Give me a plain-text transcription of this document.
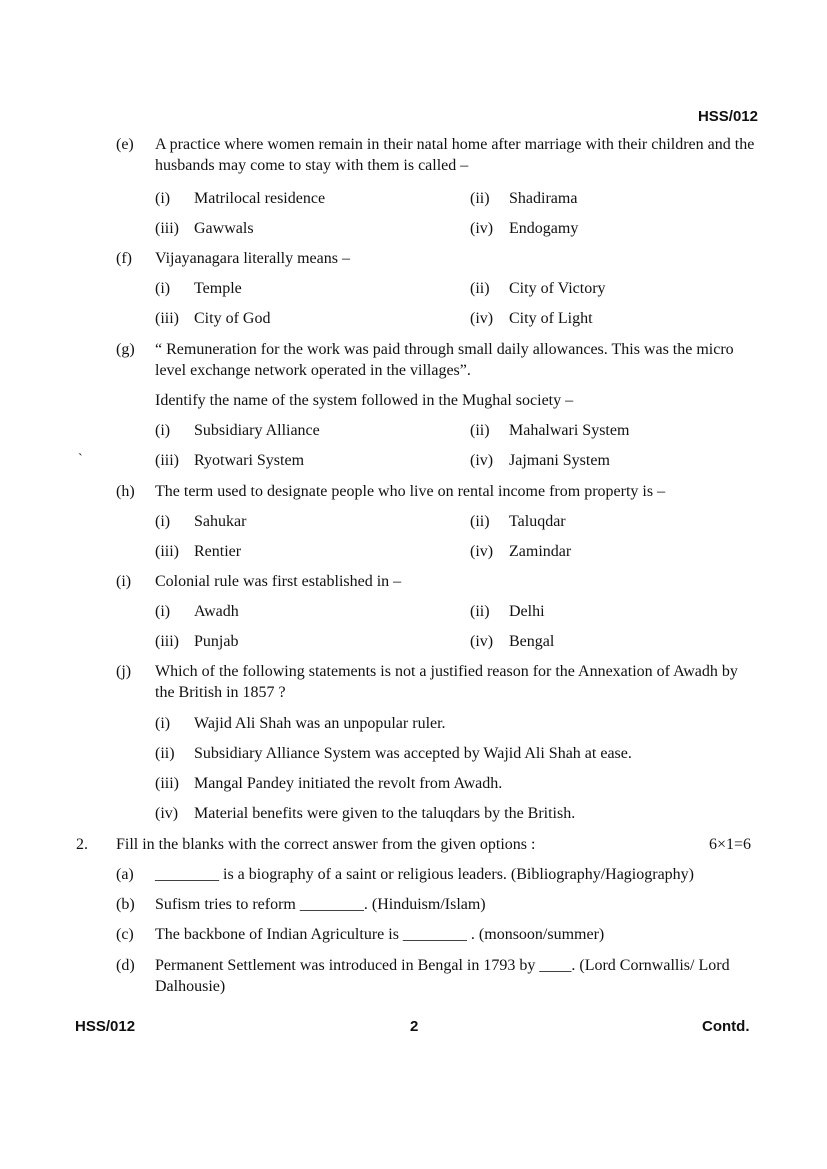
HSS/012
(e) A practice where women remain in their natal home after marriage with their children and the husbands may come to stay with them is called –
(i) Matrilocal residence	(ii) Shadirama
(iii) Gawwals	(iv) Endogamy
(f) Vijayanagara literally means –
(i) Temple	(ii) City of Victory
(iii) City of God	(iv) City of Light
(g) “ Remuneration for the work was paid through small daily allowances. This was the micro level exchange network operated in the villages”.
Identify the name of the system followed in the Mughal society –
(i) Subsidiary Alliance	(ii) Mahalwari System
`	(iii) Ryotwari System	(iv) Jajmani System
(h) The term used to designate people who live on rental income from property is –
(i) Sahukar	(ii) Taluqdar
(iii) Rentier	(iv) Zamindar
(i) Colonial rule was first established in –
(i) Awadh	(ii) Delhi
(iii) Punjab	(iv) Bengal
(j) Which of the following statements is not a justified reason for the Annexation of Awadh by the British in 1857 ?
(i) Wajid Ali Shah was an unpopular ruler.
(ii) Subsidiary Alliance System was accepted by Wajid Ali Shah at ease.
(iii) Mangal Pandey initiated the revolt from Awadh.
(iv) Material benefits were given to the taluqdars by the British.
2. Fill in the blanks with the correct answer from the given options :	6×1=6
(a) ________ is a biography of a saint or religious leaders. (Bibliography/Hagiography)
(b) Sufism tries to reform ________. (Hinduism/Islam)
(c) The backbone of Indian Agriculture is ________ . (monsoon/summer)
(d) Permanent Settlement was introduced in Bengal in 1793 by ____. (Lord Cornwallis/ Lord Dalhousie)
HSS/012	2	Contd.
